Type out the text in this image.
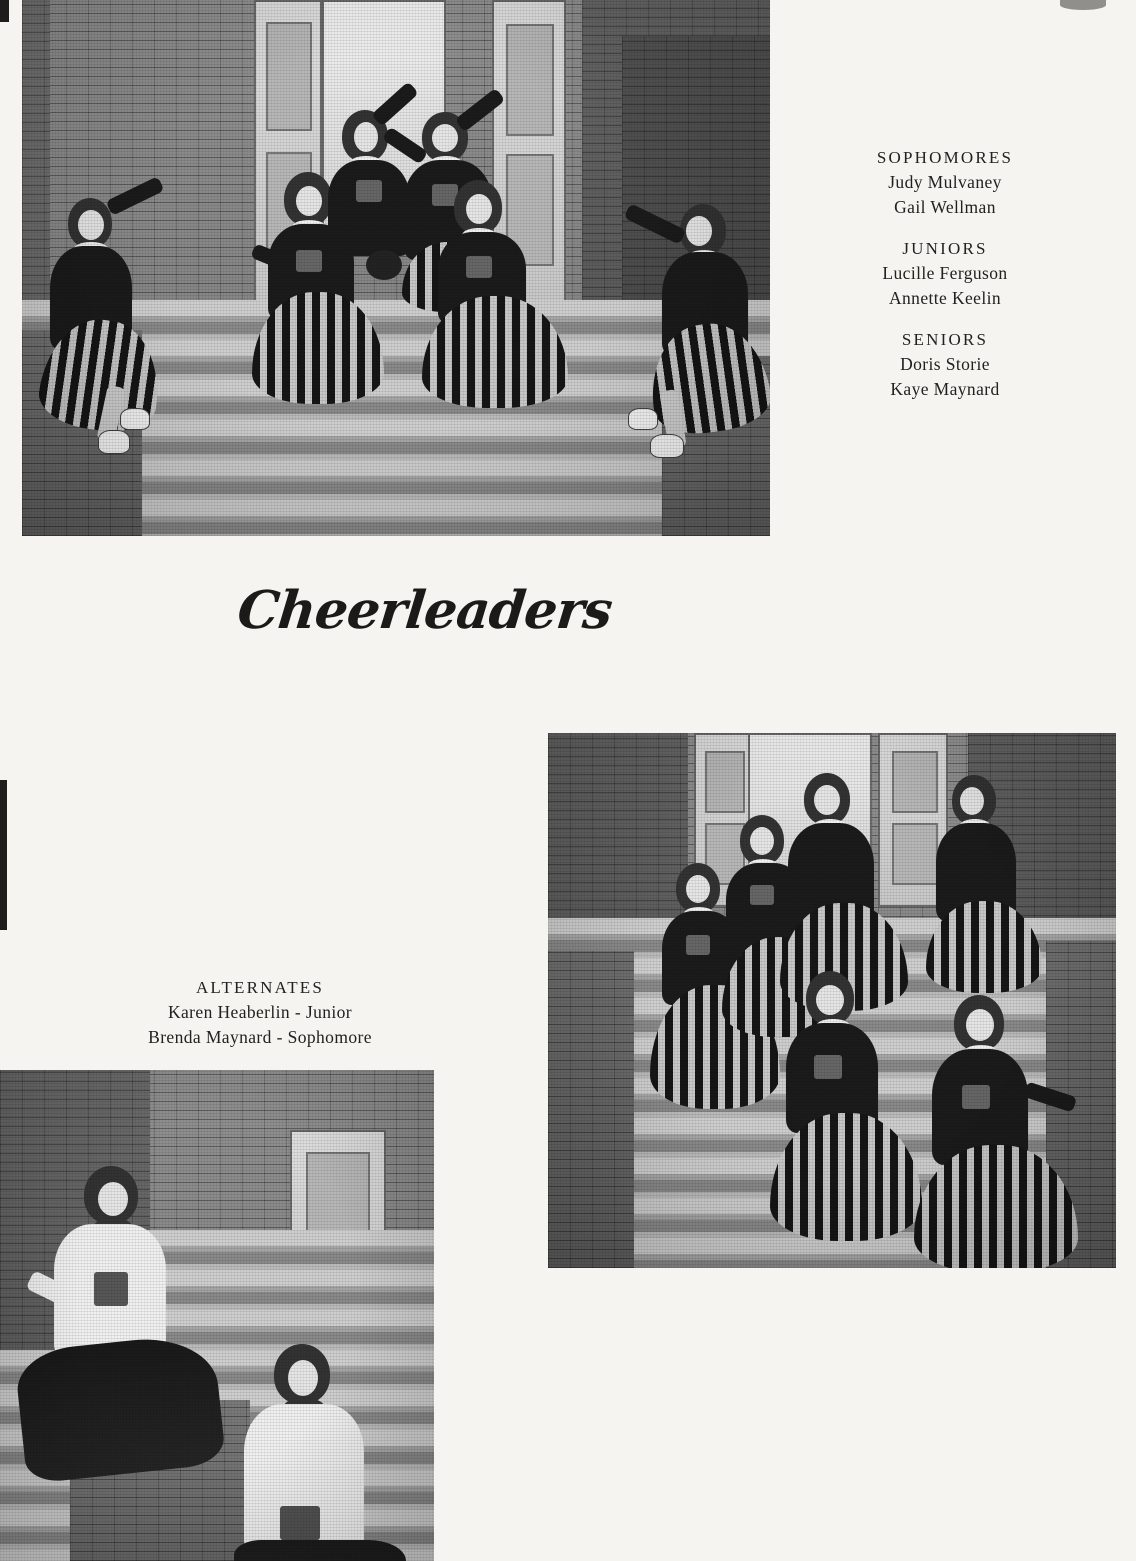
SOPHOMORES

Judy Mulvaney

Gail Wellman

JUNIORS

Lucille Ferguson

Annette Keelin

SENIORS

Doris Storie

Kaye Maynard

Cheerleaders

ALTERNATES

Karen Heaberlin - Junior

Brenda Maynard - Sophomore
